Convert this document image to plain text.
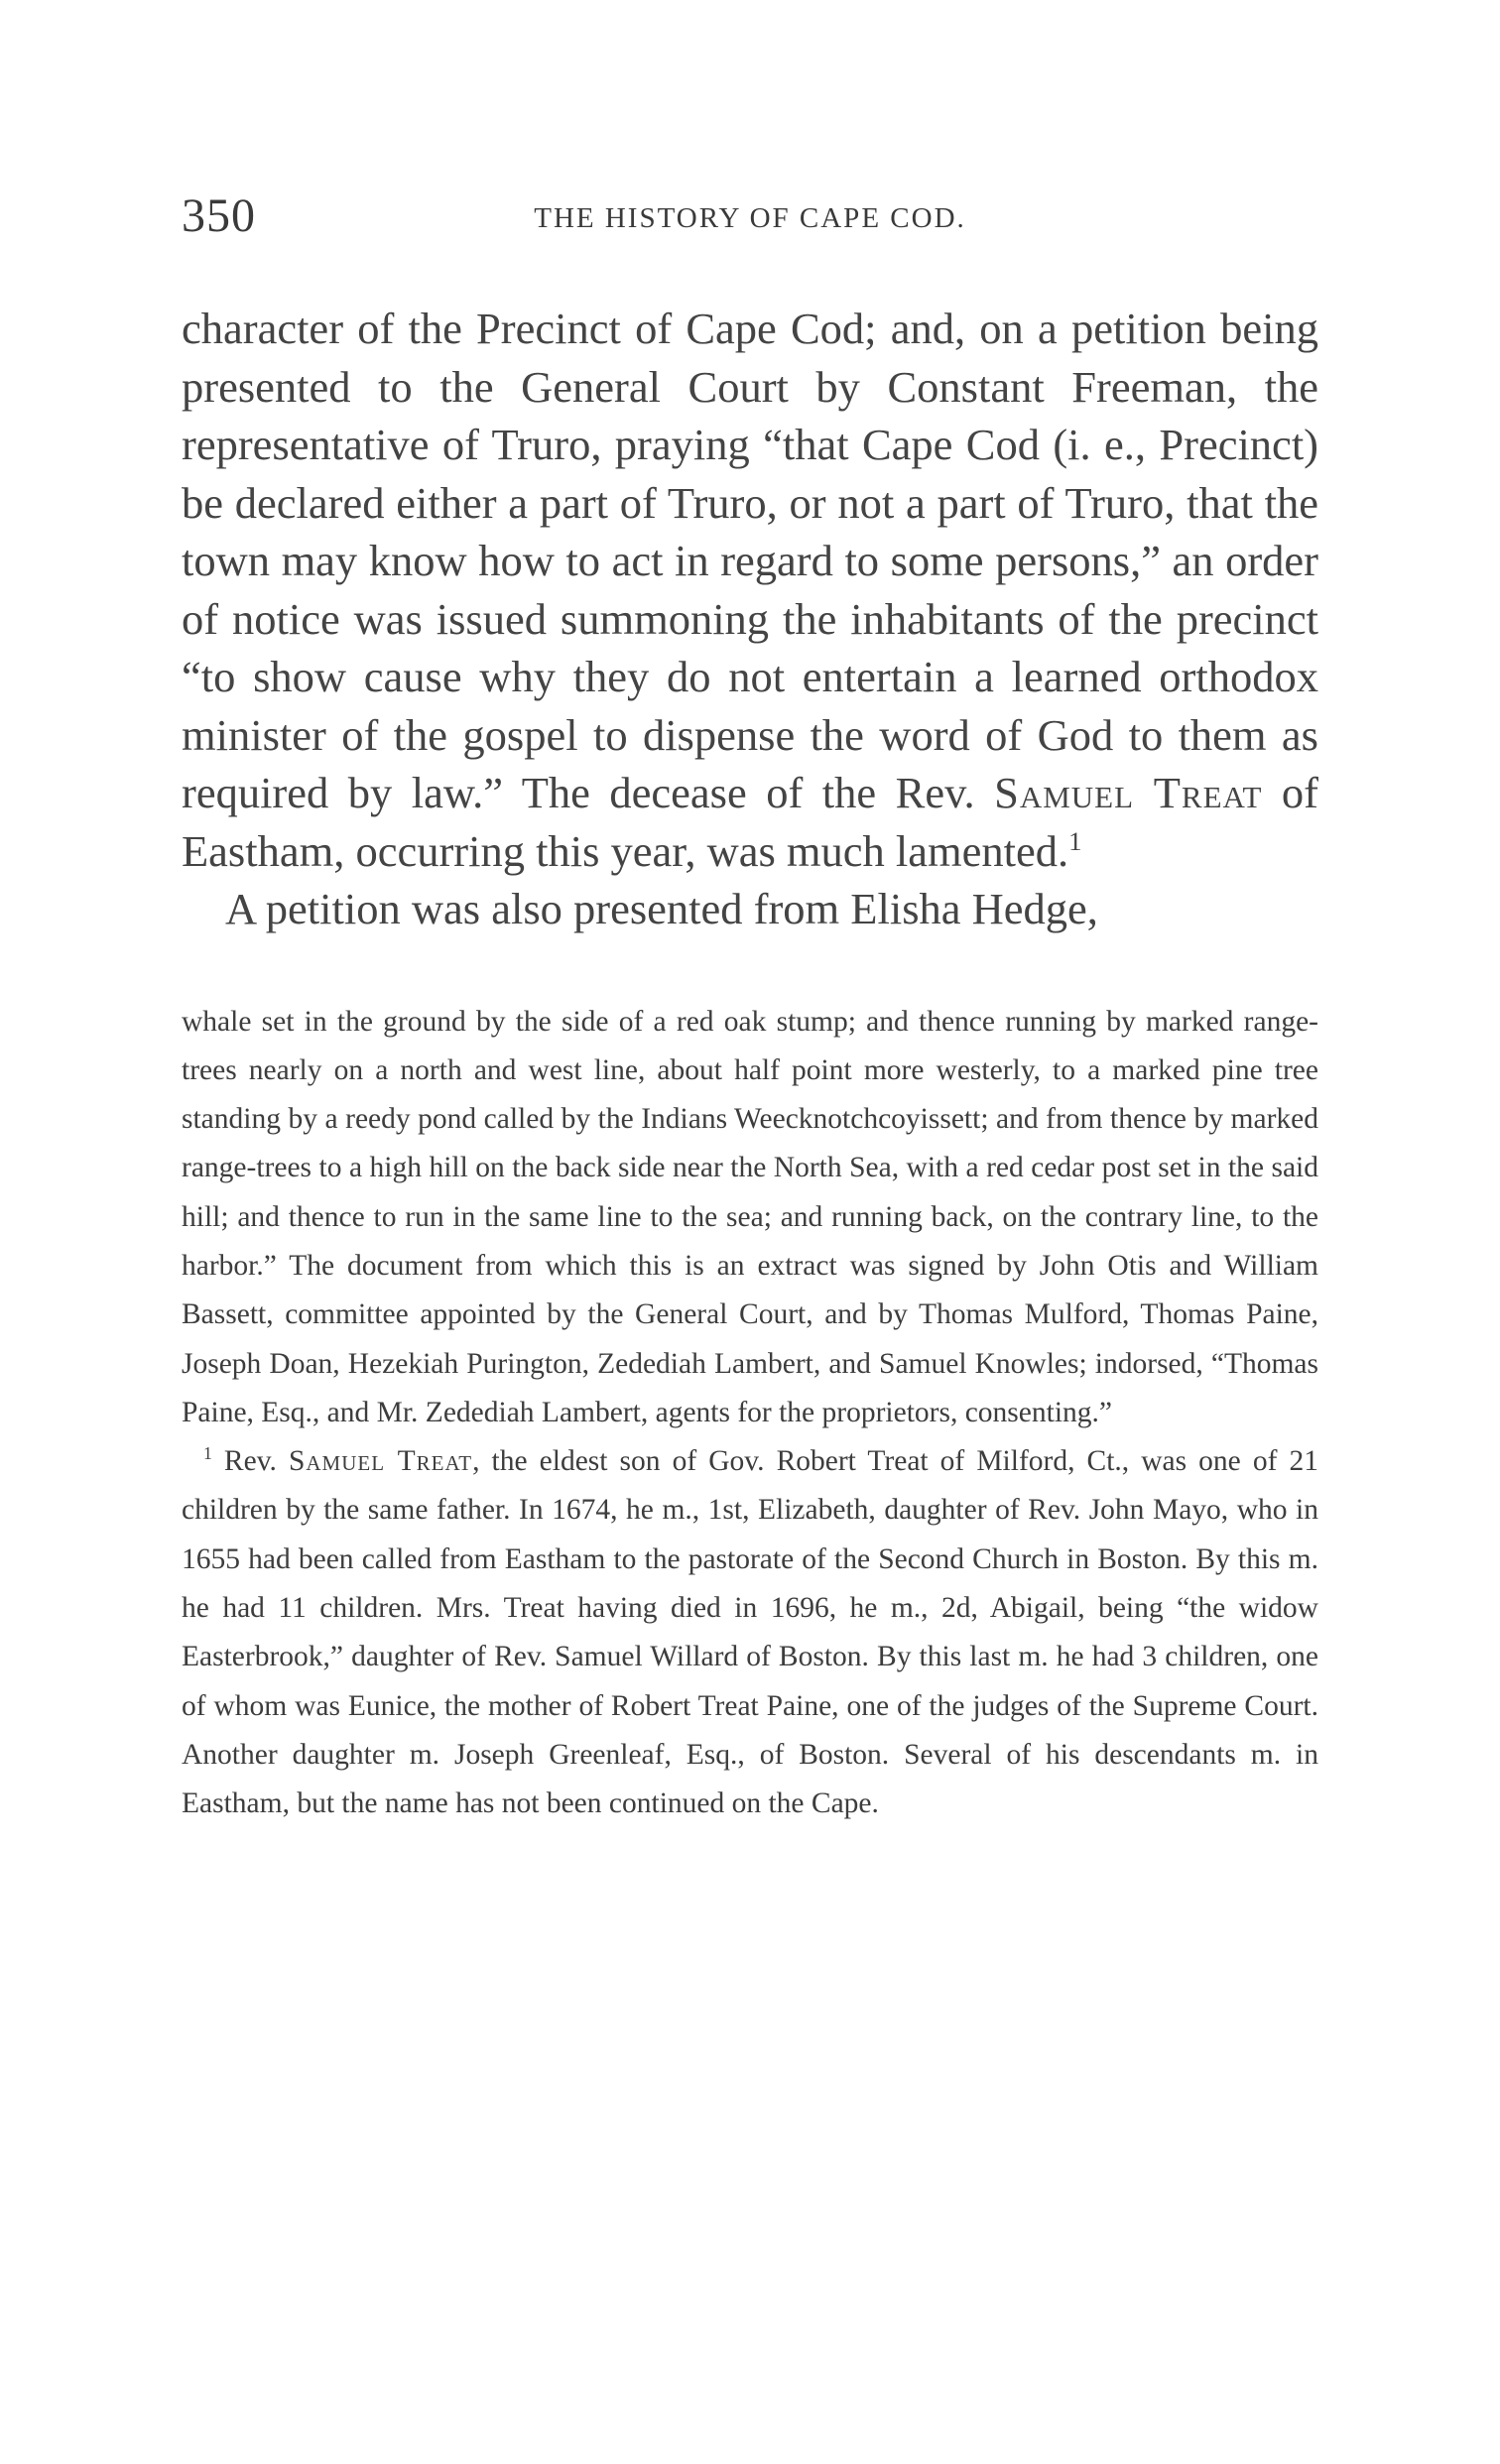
350	THE HISTORY OF CAPE COD.

character of the Precinct of Cape Cod; and, on a petition being presented to the General Court by Constant Freeman, the representative of Truro, praying “that Cape Cod (i. e., Precinct) be declared either a part of Truro, or not a part of Truro, that the town may know how to act in regard to some persons,” an order of notice was issued summoning the inhabitants of the precinct “to show cause why they do not entertain a learned orthodox minister of the gospel to dispense the word of God to them as required by law.” The decease of the Rev. Samuel Treat of Eastham, occurring this year, was much lamented.$^1$

A petition was also presented from Elisha Hedge,

whale set in the ground by the side of a red oak stump; and thence running by marked range-trees nearly on a north and west line, about half point more westerly, to a marked pine tree standing by a reedy pond called by the Indians Weecknotchcoyissett; and from thence by marked range-trees to a high hill on the back side near the North Sea, with a red cedar post set in the said hill; and thence to run in the same line to the sea; and running back, on the contrary line, to the harbor.” The document from which this is an extract was signed by John Otis and William Bassett, committee appointed by the General Court, and by Thomas Mulford, Thomas Paine, Joseph Doan, Hezekiah Purington, Zedediah Lambert, and Samuel Knowles; indorsed, “Thomas Paine, Esq., and Mr. Zedediah Lambert, agents for the proprietors, consenting.”

$^1$ Rev. Samuel Treat, the eldest son of Gov. Robert Treat of Milford, Ct., was one of 21 children by the same father. In 1674, he m., 1st, Elizabeth, daughter of Rev. John Mayo, who in 1655 had been called from Eastham to the pastorate of the Second Church in Boston. By this m. he had 11 children. Mrs. Treat having died in 1696, he m., 2d, Abigail, being “the widow Easterbrook,” daughter of Rev. Samuel Willard of Boston. By this last m. he had 3 children, one of whom was Eunice, the mother of Robert Treat Paine, one of the judges of the Supreme Court. Another daughter m. Joseph Greenleaf, Esq., of Boston. Several of his descendants m. in Eastham, but the name has not been continued on the Cape.
